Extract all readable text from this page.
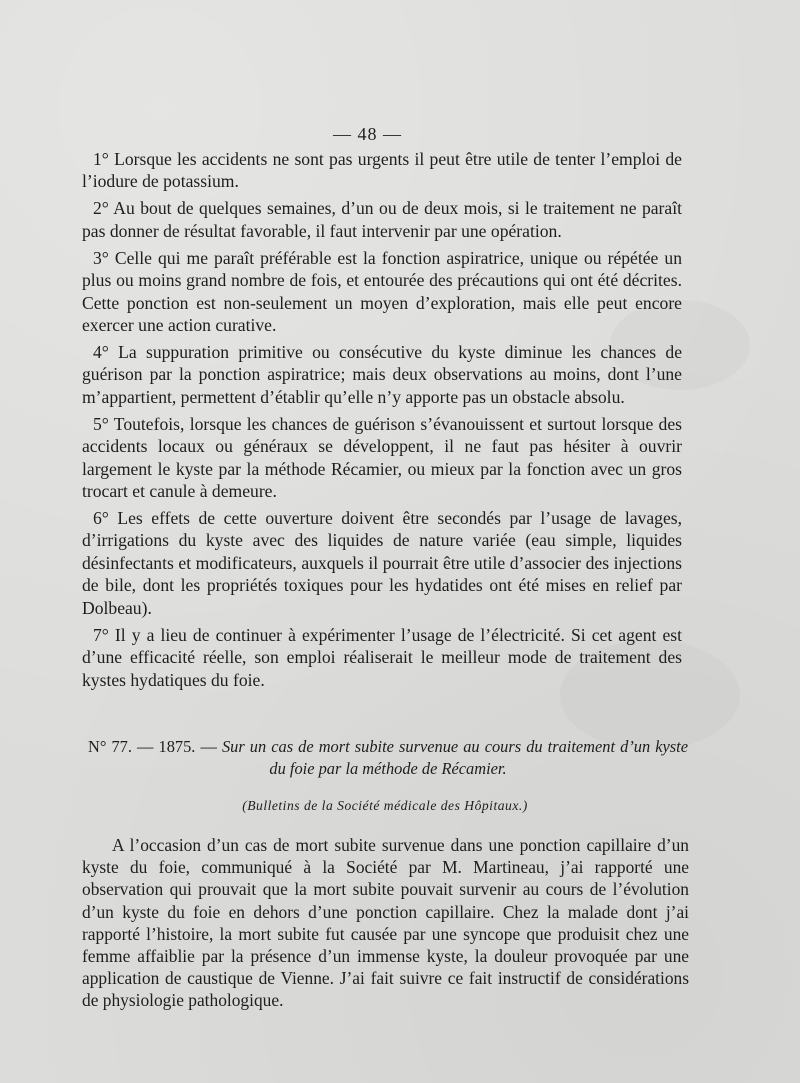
— 48 —

1° Lorsque les accidents ne sont pas urgents il peut être utile de tenter l’emploi de l’iodure de potassium.

2° Au bout de quelques semaines, d’un ou de deux mois, si le traitement ne paraît pas donner de résultat favorable, il faut intervenir par une opération.

3° Celle qui me paraît préférable est la fonction aspiratrice, unique ou répétée un plus ou moins grand nombre de fois, et entourée des précautions qui ont été décrites. Cette ponction est non-seulement un moyen d’exploration, mais elle peut encore exercer une action curative.

4° La suppuration primitive ou consécutive du kyste diminue les chances de guérison par la ponction aspiratrice; mais deux observations au moins, dont l’une m’appartient, permettent d’établir qu’elle n’y apporte pas un obstacle absolu.

5° Toutefois, lorsque les chances de guérison s’évanouissent et surtout lorsque des accidents locaux ou généraux se développent, il ne faut pas hésiter à ouvrir largement le kyste par la méthode Récamier, ou mieux par la fonction avec un gros trocart et canule à demeure.

6° Les effets de cette ouverture doivent être secondés par l’usage de lavages, d’irrigations du kyste avec des liquides de nature variée (eau simple, liquides désinfectants et modificateurs, auxquels il pourrait être utile d’associer des injections de bile, dont les propriétés toxiques pour les hydatides ont été mises en relief par Dolbeau).

7° Il y a lieu de continuer à expérimenter l’usage de l’électricité. Si cet agent est d’une efficacité réelle, son emploi réaliserait le meilleur mode de traitement des kystes hydatiques du foie.

N° 77. — 1875. — Sur un cas de mort subite survenue au cours du traitement d’un kyste du foie par la méthode de Récamier.

(Bulletins de la Société médicale des Hôpitaux.)

A l’occasion d’un cas de mort subite survenue dans une ponction capillaire d’un kyste du foie, communiqué à la Société par M. Martineau, j’ai rapporté une observation qui prouvait que la mort subite pouvait survenir au cours de l’évolution d’un kyste du foie en dehors d’une ponction capillaire. Chez la malade dont j’ai rapporté l’histoire, la mort subite fut causée par une syncope que produisit chez une femme affaiblie par la présence d’un immense kyste, la douleur provoquée par une application de caustique de Vienne. J’ai fait suivre ce fait instructif de considérations de physiologie pathologique.
